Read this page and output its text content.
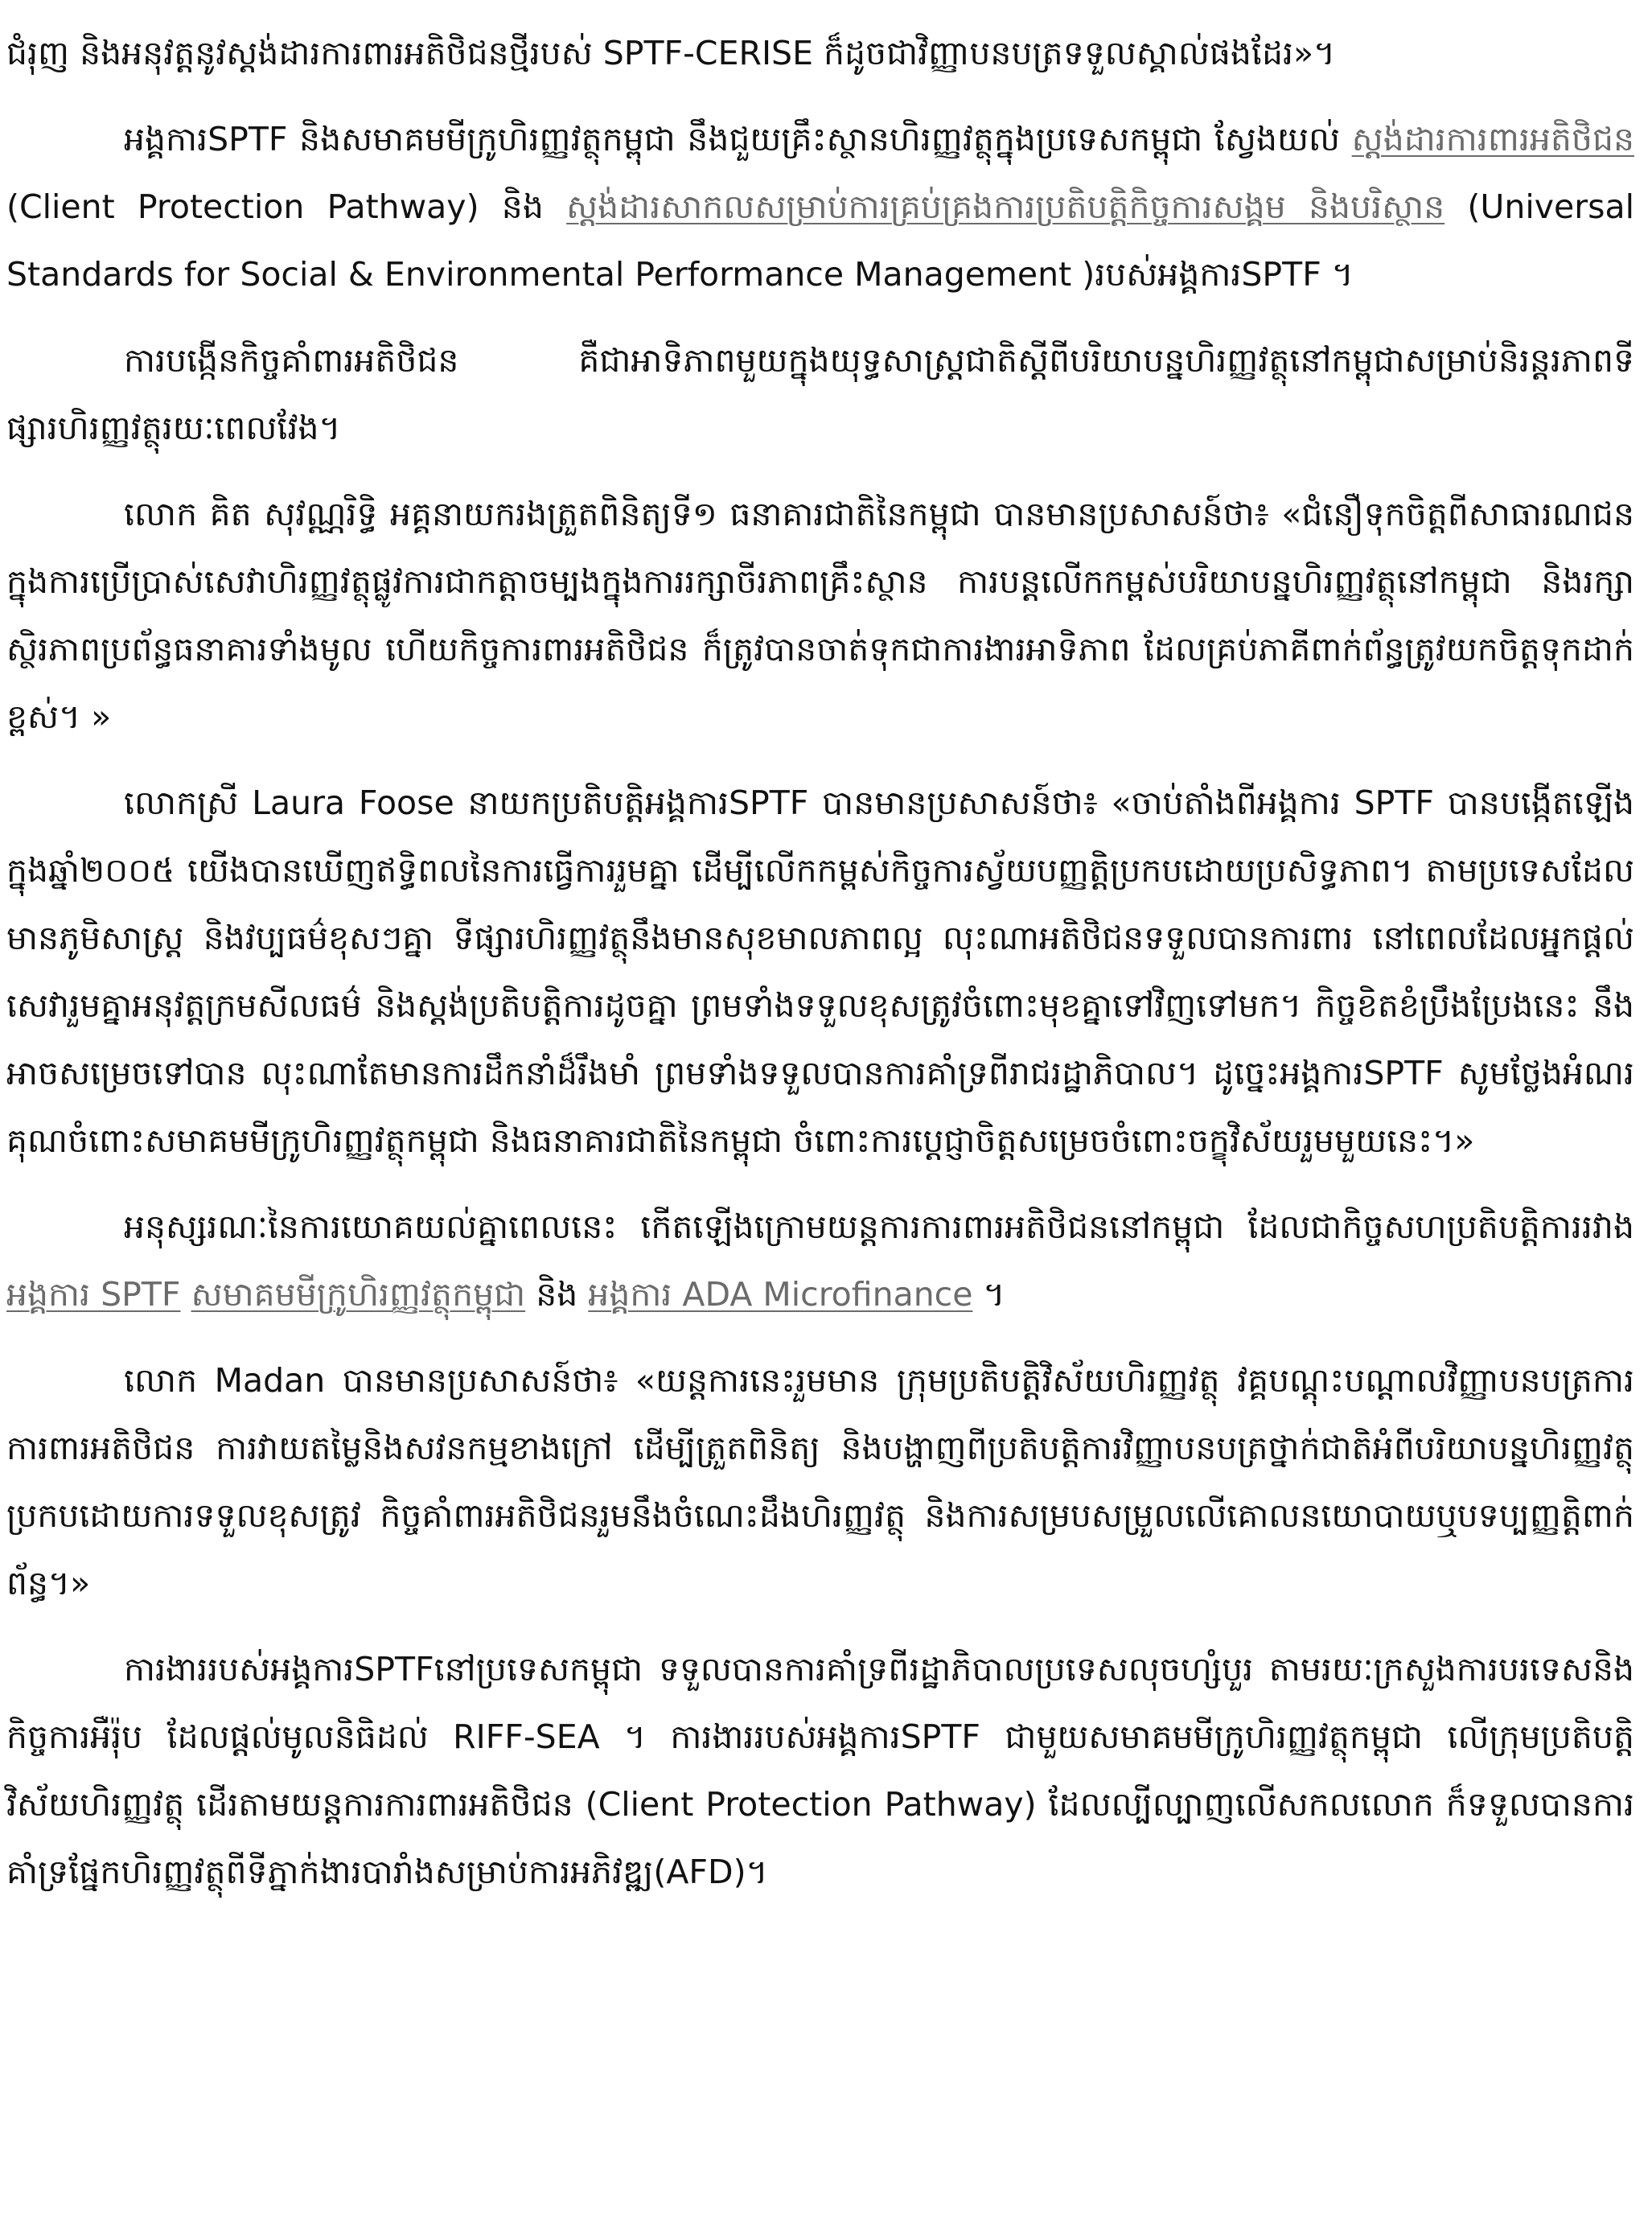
ជំរុញ និងអនុវត្តនូវស្តង់ដារការពារអតិថិជនថ្មីរបស់ SPTF-CERISE ក៏ដូចជាវិញ្ញាបនបត្រទទួលស្គាល់ផងដែរ»។

អង្គការSPTF និងសមាគមមីក្រូហិរញ្ញវត្ថុកម្ពុជា នឹងជួយគ្រឹះស្ថានហិរញ្ញវត្ថុក្នុងប្រទេសកម្ពុជា ស្វែងយល់ ស្តង់ដារការពារអតិថិជន (Client Protection Pathway) និង ស្តង់ដារសាកលសម្រាប់ការគ្រប់គ្រងការប្រតិបត្តិកិច្ចការសង្គម និងបរិស្ថាន (Universal Standards for Social & Environmental Performance Management )របស់អង្គការSPTF ។

ការបង្កើនកិច្ចគាំពារអតិថិជន គឺជាអាទិភាពមួយក្នុងយុទ្ធសាស្ត្រជាតិស្តីពីបរិយាបន្នហិរញ្ញវត្ថុនៅកម្ពុជាសម្រាប់និរន្តរភាពទីផ្សារហិរញ្ញវត្ថុរយៈពេលវែង។

លោក គិត សុវណ្ណរិទ្ធិ អគ្គនាយករងត្រួតពិនិត្យទី១ ធនាគារជាតិនៃកម្ពុជា បានមានប្រសាសន៍ថា៖ «ជំនឿទុកចិត្តពីសាធារណជនក្នុងការប្រើប្រាស់សេវាហិរញ្ញវត្ថុផ្លូវការជាកត្តាចម្បងក្នុងការរក្សាចីរភាពគ្រឹះស្ថាន ការបន្តលើកកម្ពស់បរិយាបន្នហិរញ្ញវត្ថុនៅកម្ពុជា និងរក្សាស្ថិរភាពប្រព័ន្ធធនាគារទាំងមូល ហើយកិច្ចការពារអតិថិជន ក៏ត្រូវបានចាត់ទុកជាការងារអាទិភាព ដែលគ្រប់ភាគីពាក់ព័ន្ធត្រូវយកចិត្តទុកដាក់ខ្ពស់។ »

លោកស្រី Laura Foose នាយកប្រតិបត្តិអង្គការSPTF បានមានប្រសាសន៍ថា៖ «ចាប់តាំងពីអង្គការ SPTF បានបង្កើតឡើងក្នុងឆ្នាំ២០០៥ យើងបានឃើញឥទ្ធិពលនៃការធ្វើការរួមគ្នា ដើម្បីលើកកម្ពស់កិច្ចការស្វ័យបញ្ញត្តិប្រកបដោយប្រសិទ្ធភាព។ តាមប្រទេសដែលមានភូមិសាស្ត្រ និងវប្បធម៌ខុសៗគ្នា ទីផ្សារហិរញ្ញវត្ថុនឹងមានសុខមាលភាពល្អ លុះណាអតិថិជនទទួលបានការពារ នៅពេលដែលអ្នកផ្តល់សេវារួមគ្នាអនុវត្តក្រមសីលធម៌ និងស្តង់ប្រតិបត្តិការដូចគ្នា ព្រមទាំងទទួលខុសត្រូវចំពោះមុខគ្នាទៅវិញទៅមក។ កិច្ចខិតខំប្រឹងប្រែងនេះ នឹងអាចសម្រេចទៅបាន លុះណាតែមានការដឹកនាំដ៏រឹងមាំ ព្រមទាំងទទួលបានការគាំទ្រពីរាជរដ្ឋាភិបាល។ ដូច្នេះអង្គការSPTF សូមថ្លែងអំណរគុណចំពោះសមាគមមីក្រូហិរញ្ញវត្ថុកម្ពុជា និងធនាគារជាតិនៃកម្ពុជា ចំពោះការប្តេជ្ញាចិត្តសម្រេចចំពោះចក្ខុវិស័យរួមមួយនេះ។»

អនុស្សរណៈនៃការយោគយល់គ្នាពេលនេះ កើតឡើងក្រោមយន្តការការពារអតិថិជននៅកម្ពុជា ដែលជាកិច្ចសហប្រតិបត្តិការរវាង អង្គការ SPTF សមាគមមីក្រូហិរញ្ញវត្ថុកម្ពុជា និង អង្គការ ADA Microfinance ។

លោក Madan បានមានប្រសាសន៍ថា៖ «យន្តការនេះរួមមាន ក្រុមប្រតិបត្តិវិស័យហិរញ្ញវត្ថុ វគ្គបណ្តុះបណ្តាលវិញ្ញាបនបត្រការការពារអតិថិជន ការវាយតម្លៃនិងសវនកម្មខាងក្រៅ ដើម្បីត្រួតពិនិត្យ និងបង្ហាញពីប្រតិបត្តិការវិញ្ញាបនបត្រថ្នាក់ជាតិអំពីបរិយាបន្នហិរញ្ញវត្ថុប្រកបដោយការទទួលខុសត្រូវ កិច្ចគាំពារអតិថិជនរួមនឹងចំណេះដឹងហិរញ្ញវត្ថុ និងការសម្របសម្រួលលើគោលនយោបាយឬបទប្បញ្ញត្តិពាក់ព័ន្ធ។»

ការងាររបស់អង្គការSPTFនៅប្រទេសកម្ពុជា ទទួលបានការគាំទ្រពីរដ្ឋាភិបាលប្រទេសលុចហ្សំបួរ តាមរយៈក្រសួងការបរទេសនិងកិច្ចការអឺរ៉ុប ដែលផ្តល់មូលនិធិដល់ RIFF-SEA ។ ការងាររបស់អង្គការSPTF ជាមួយសមាគមមីក្រូហិរញ្ញវត្ថុកម្ពុជា លើក្រុមប្រតិបត្តិវិស័យហិរញ្ញវត្ថុ ដើរតាមយន្តការការពារអតិថិជន (Client Protection Pathway) ដែលល្បីល្បាញលើសកលលោក ក៏ទទួលបានការគាំទ្រផ្នែកហិរញ្ញវត្ថុពីទីភ្នាក់ងារបារាំងសម្រាប់ការអភិវឌ្ឍ(AFD)។
